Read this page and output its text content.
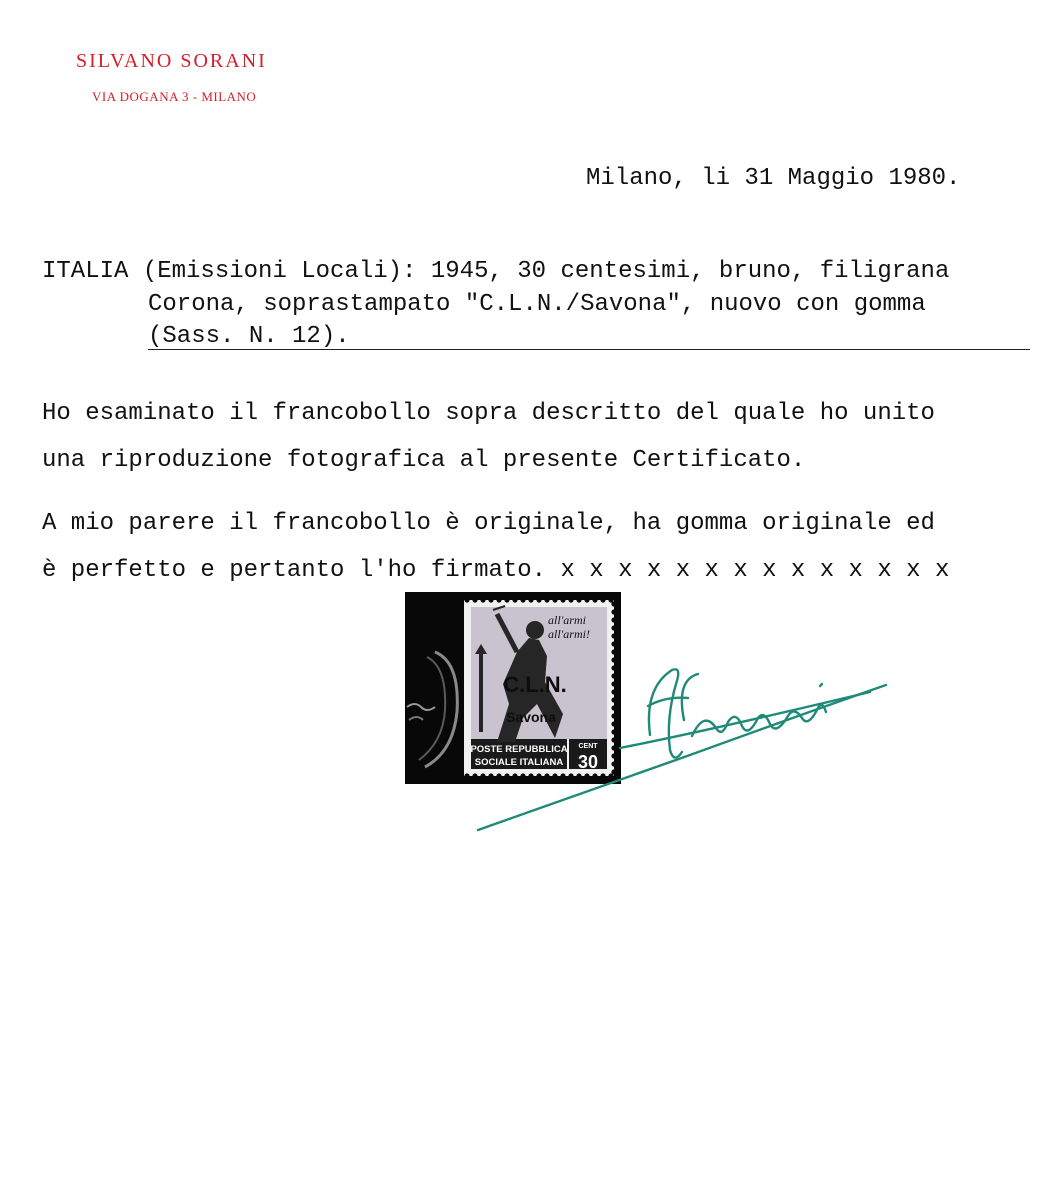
SILVANO SORANI
VIA DOGANA 3 - MILANO
Milano, li 31 Maggio 1980.
ITALIA (Emissioni Locali): 1945, 30 centesimi, bruno, filigrana
Corona, soprastampato "C.L.N./Savona", nuovo con gomma
(Sass. N. 12).
Ho esaminato il francobollo sopra descritto del quale ho unito
una riproduzione fotografica al presente Certificato.
A mio parere il francobollo è originale, ha gomma originale ed
è perfetto e pertanto l'ho firmato. x x x x x x x x x x x x x x
all'armi
all'armi!
C.L.N.
Savona
POSTE REPUBBLICA
SOCIALE ITALIANA
CENT
30
